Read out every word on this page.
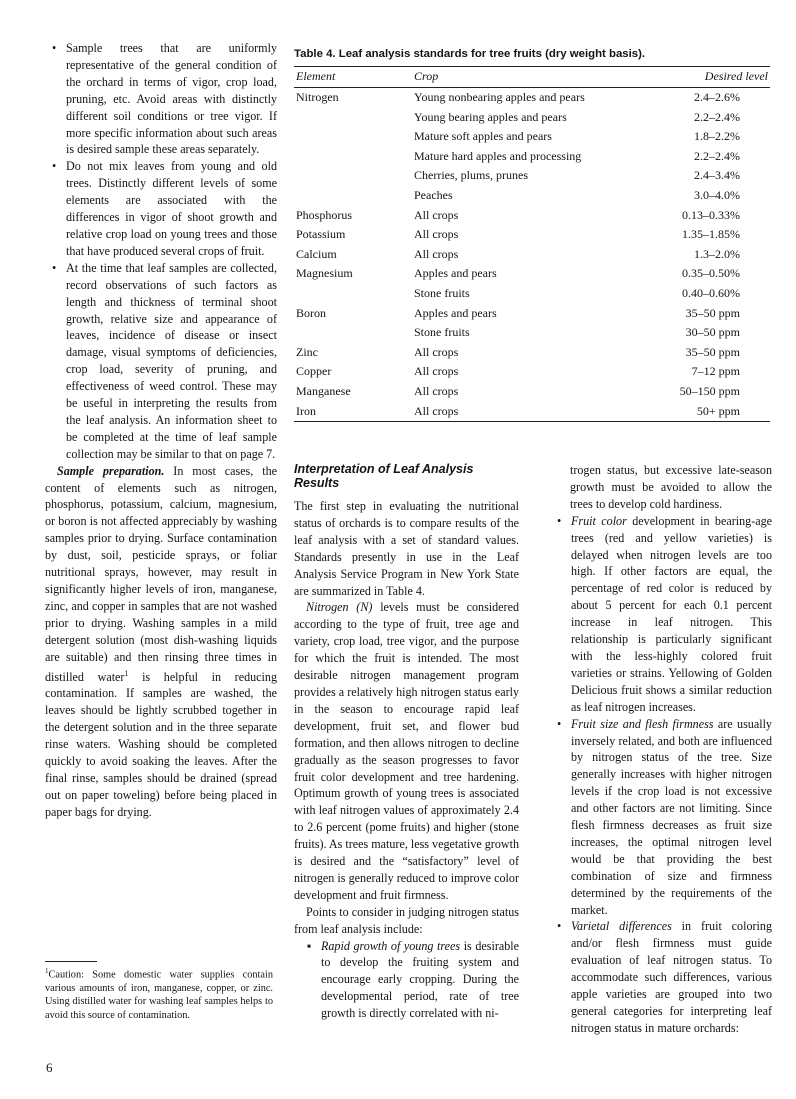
• Sample trees that are uniformly representative of the general condition of the orchard in terms of vigor, crop load, pruning, etc. Avoid areas with distinctly different soil conditions or tree vigor. If more specific information about such areas is desired sample these areas separately.
• Do not mix leaves from young and old trees. Distinctly different levels of some elements are associated with the differences in vigor of shoot growth and relative crop load on young trees and those that have produced several crops of fruit.
• At the time that leaf samples are collected, record observations of such factors as length and thickness of terminal shoot growth, relative size and appearance of leaves, incidence of disease or insect damage, visual symptoms of deficiencies, crop load, severity of pruning, and effectiveness of weed control. These may be useful in interpreting the results from the leaf analysis. An information sheet to be completed at the time of leaf sample collection may be similar to that on page 7.

Sample preparation. In most cases, the content of elements such as nitrogen, phosphorus, potassium, calcium, magnesium, or boron is not affected appreciably by washing samples prior to drying. Surface contamination by dust, soil, pesticide sprays, or foliar nutritional sprays, however, may result in significantly higher levels of iron, manganese, zinc, and copper in samples that are not washed prior to drying. Washing samples in a mild detergent solution (most dish-washing liquids are suitable) and then rinsing three times in distilled water$^1$ is helpful in reducing contamination. If samples are washed, the leaves should be lightly scrubbed together in the detergent solution and in the three separate rinse waters. Washing should be completed quickly to avoid soaking the leaves. After the final rinse, samples should be drained (spread out on paper toweling) before being placed in paper bags for drying.

$^1$Caution: Some domestic water supplies contain various amounts of iron, manganese, copper, or zinc. Using distilled water for washing leaf samples helps to avoid this source of contamination.

Table 4. Leaf analysis standards for tree fruits (dry weight basis).
Element	Crop	Desired level
Nitrogen	Young nonbearing apples and pears	2.4–2.6%
	Young bearing apples and pears	2.2–2.4%
	Mature soft apples and pears	1.8–2.2%
	Mature hard apples and processing	2.2–2.4%
	Cherries, plums, prunes	2.4–3.4%
	Peaches	3.0–4.0%
Phosphorus	All crops	0.13–0.33%
Potassium	All crops	1.35–1.85%
Calcium	All crops	1.3–2.0%
Magnesium	Apples and pears	0.35–0.50%
	Stone fruits	0.40–0.60%
Boron	Apples and pears	35–50 ppm
	Stone fruits	30–50 ppm
Zinc	All crops	35–50 ppm
Copper	All crops	7–12 ppm
Manganese	All crops	50–150 ppm
Iron	All crops	50+ ppm
Interpretation of Leaf Analysis Results

The first step in evaluating the nutritional status of orchards is to compare results of the leaf analysis with a set of standard values. Standards presently in use in the Leaf Analysis Service Program in New York State are summarized in Table 4.

Nitrogen (N) levels must be considered according to the type of fruit, tree age and variety, crop load, tree vigor, and the purpose for which the fruit is intended. The most desirable nitrogen management program provides a relatively high nitrogen status early in the season to encourage rapid leaf development, fruit set, and flower bud formation, and then allows nitrogen to decline gradually as the season progresses to favor fruit color development and tree hardening. Optimum growth of young trees is associated with leaf nitrogen values of approximately 2.4 to 2.6 percent (pome fruits) and higher (stone fruits). As trees mature, less vegetative growth is desired and the “satisfactory” level of nitrogen is generally reduced to improve color development and fruit firmness.

Points to consider in judging nitrogen status from leaf analysis include:

▪ Rapid growth of young trees is desirable to develop the fruiting system and encourage early cropping. During the developmental period, rate of tree growth is directly correlated with ni-

trogen status, but excessive late-season growth must be avoided to allow the trees to develop cold hardiness.

• Fruit color development in bearing-age trees (red and yellow varieties) is delayed when nitrogen levels are too high. If other factors are equal, the percentage of red color is reduced by about 5 percent for each 0.1 percent increase in leaf nitrogen. This relationship is particularly significant with the less-highly colored fruit varieties or strains. Yellowing of Golden Delicious fruit shows a similar reduction as leaf nitrogen increases.
• Fruit size and flesh firmness are usually inversely related, and both are influenced by nitrogen status of the tree. Size generally increases with higher nitrogen levels if the crop load is not excessive and other factors are not limiting. Since flesh firmness decreases as fruit size increases, the optimal nitrogen level would be that providing the best combination of size and firmness determined by the requirements of the market.
• Varietal differences in fruit coloring and/or flesh firmness must guide evaluation of leaf nitrogen status. To accommodate such differences, various apple varieties are grouped into two general categories for interpreting leaf nitrogen status in mature orchards:
6
